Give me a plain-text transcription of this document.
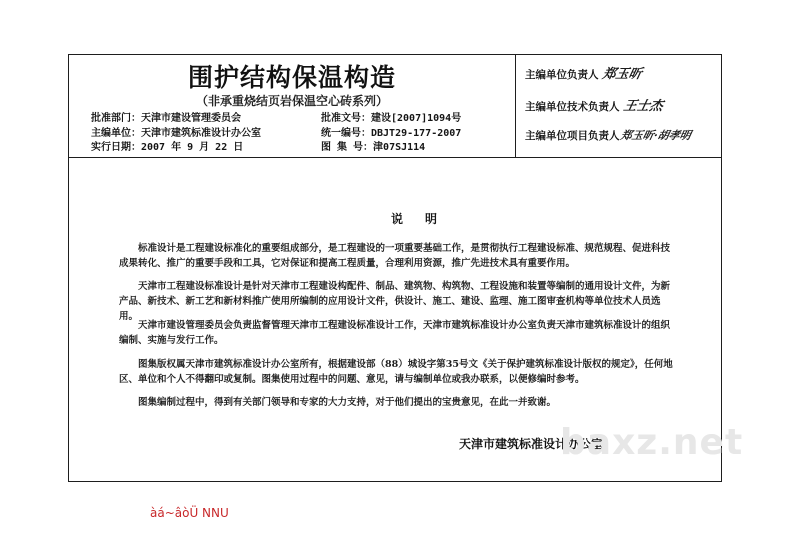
围护结构保温构造
（非承重烧结页岩保温空心砖系列）
批准部门：天津市建设管理委员会	批准文号：建设[2007]1094号
主编单位：天津市建筑标准设计办公室	统一编号：DBJT29-177-2007
实行日期：2007 年 9 月 22 日	图 集 号：津07SJ114
主编单位负责人 郑玉昕
主编单位技术负责人 王士杰
主编单位项目负责人郑玉昕·胡孝明
说明

标准设计是工程建设标准化的重要组成部分，是工程建设的一项重要基础工作，是贯彻执行工程建设标准、规范规程、促进科技成果转化、推广的重要手段和工具，它对保证和提高工程质量，合理利用资源，推广先进技术具有重要作用。

天津市工程建设标准设计是针对天津市工程建设构配件、制品、建筑物、构筑物、工程设施和装置等编制的通用设计文件，为新产品、新技术、新工艺和新材料推广使用所编制的应用设计文件，供设计、施工、建设、监理、施工图审查机构等单位技术人员选用。

天津市建设管理委员会负责监督管理天津市工程建设标准设计工作，天津市建筑标准设计办公室负责天津市建筑标准设计的组织编制、实施与发行工作。

图集版权属天津市建筑标准设计办公室所有，根据建设部（88）城设字第35号文《关于保护建筑标准设计版权的规定》，任何地区、单位和个人不得翻印或复制。图集使用过程中的问题、意见，请与编制单位或我办联系，以便修编时参考。

图集编制过程中，得到有关部门领导和专家的大力支持，对于他们提出的宝贵意见，在此一并致谢。

天津市建筑标准设计办公室
baxz.net
àá~âòÜ NNU
